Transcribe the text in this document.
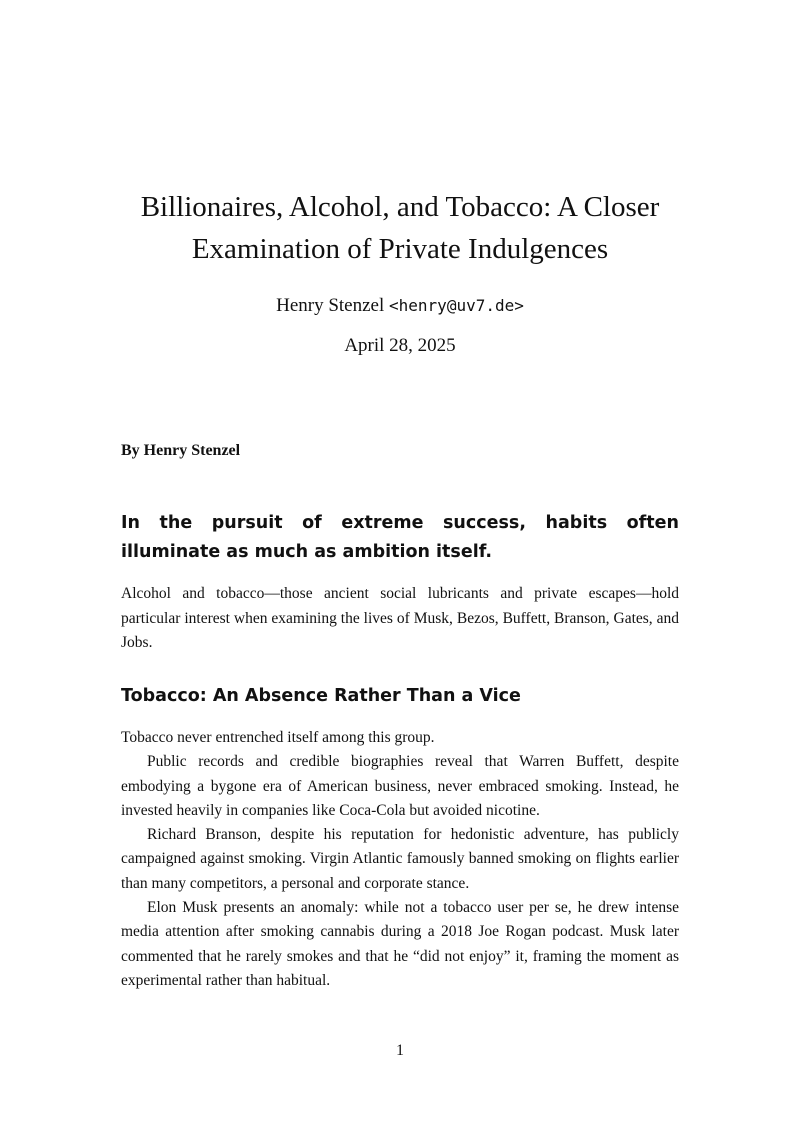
Billionaires, Alcohol, and Tobacco: A Closer Examination of Private Indulgences
Henry Stenzel <henry@uv7.de>
April 28, 2025
By Henry Stenzel
In the pursuit of extreme success, habits often illuminate as much as ambition itself.

Alcohol and tobacco—those ancient social lubricants and private escapes—hold particular interest when examining the lives of Musk, Bezos, Buffett, Branson, Gates, and Jobs.

Tobacco: An Absence Rather Than a Vice

Tobacco never entrenched itself among this group.

Public records and credible biographies reveal that Warren Buffett, despite embodying a bygone era of American business, never embraced smoking. Instead, he invested heavily in companies like Coca-Cola but avoided nicotine.

Richard Branson, despite his reputation for hedonistic adventure, has publicly campaigned against smoking. Virgin Atlantic famously banned smoking on flights earlier than many competitors, a personal and corporate stance.

Elon Musk presents an anomaly: while not a tobacco user per se, he drew intense media attention after smoking cannabis during a 2018 Joe Rogan podcast. Musk later commented that he rarely smokes and that he “did not enjoy” it, framing the moment as experimental rather than habitual.

1
